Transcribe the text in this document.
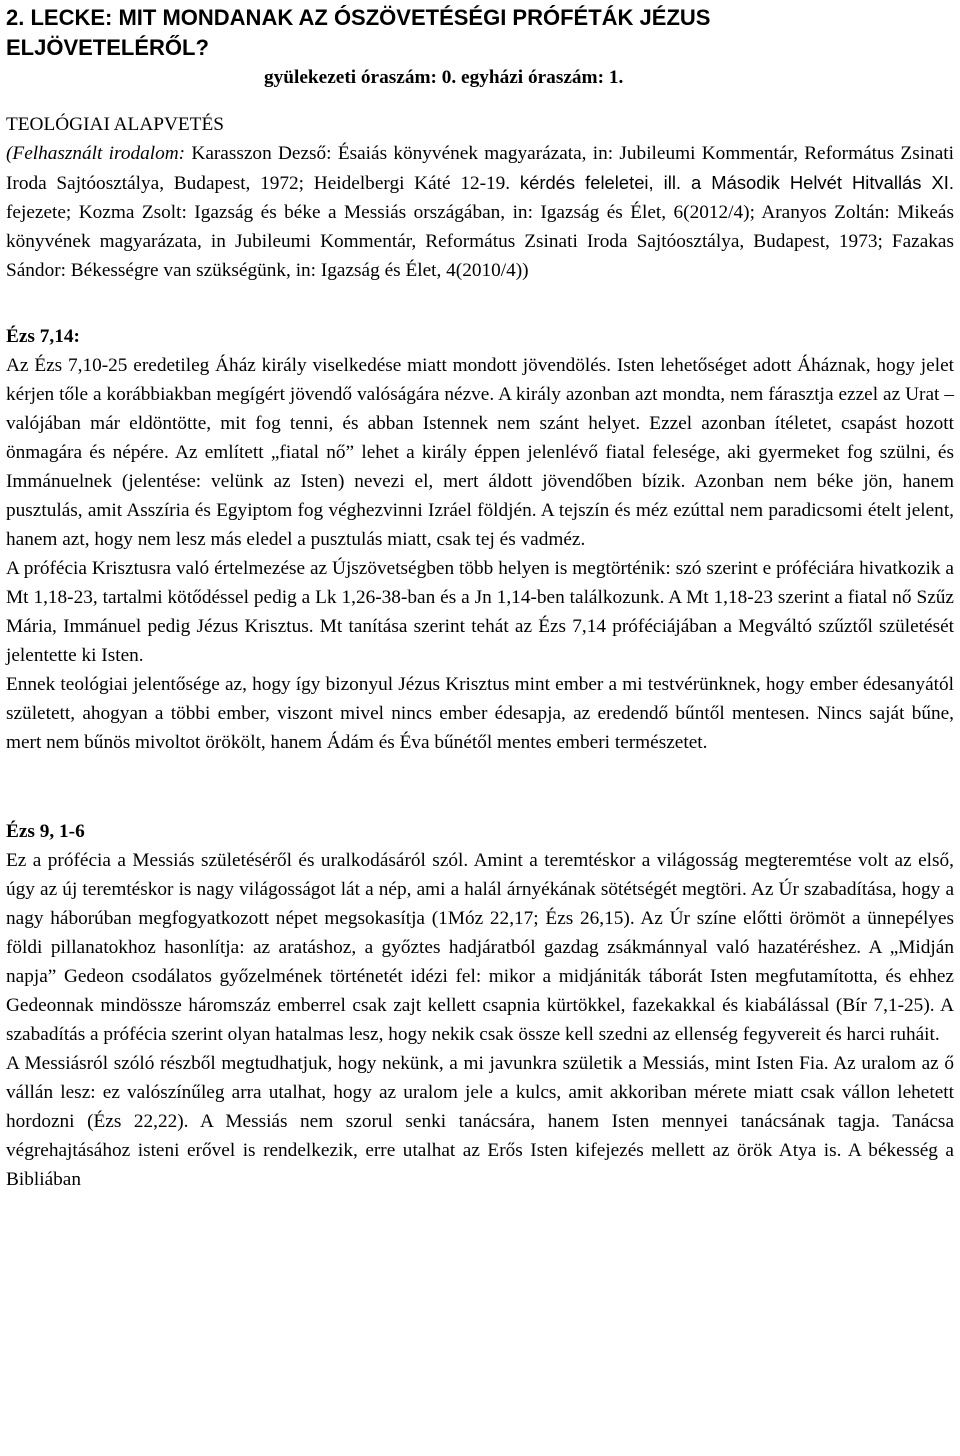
2. LECKE: MIT MONDANAK AZ ÓSZÖVETÉSÉGI PRÓFÉTÁK JÉZUS
ELJÖVETELÉRŐL?
gyülekezeti óraszám: 0. egyházi óraszám: 1.
TEOLÓGIAI ALAPVETÉS

(Felhasznált irodalom: Karasszon Dezső: Ésaiás könyvének magyarázata, in: Jubileumi Kommentár, Református Zsinati Iroda Sajtóosztálya, Budapest, 1972; Heidelbergi Káté 12-19. kérdés feleletei, ill. a Második Helvét Hitvallás XI. fejezete; Kozma Zsolt: Igazság és béke a Messiás országában, in: Igazság és Élet, 6(2012/4); Aranyos Zoltán: Mikeás könyvének magyarázata, in Jubileumi Kommentár, Református Zsinati Iroda Sajtóosztálya, Budapest, 1973; Fazakas Sándor: Békességre van szükségünk, in: Igazság és Élet, 4(2010/4))

Ézs 7,14:

Az Ézs 7,10-25 eredetileg Áház király viselkedése miatt mondott jövendölés. Isten lehetőséget adott Áháznak, hogy jelet kérjen tőle a korábbiakban megígért jövendő valóságára nézve. A király azonban azt mondta, nem fárasztja ezzel az Urat – valójában már eldöntötte, mit fog tenni, és abban Istennek nem szánt helyet. Ezzel azonban ítéletet, csapást hozott önmagára és népére. Az említett „fiatal nő” lehet a király éppen jelenlévő fiatal felesége, aki gyermeket fog szülni, és Immánuelnek (jelentése: velünk az Isten) nevezi el, mert áldott jövendőben bízik. Azonban nem béke jön, hanem pusztulás, amit Asszíria és Egyiptom fog véghezvinni Izráel földjén. A tejszín és méz ezúttal nem paradicsomi ételt jelent, hanem azt, hogy nem lesz más eledel a pusztulás miatt, csak tej és vadméz.

A prófécia Krisztusra való értelmezése az Újszövetségben több helyen is megtörténik: szó szerint e próféciára hivatkozik a Mt 1,18-23, tartalmi kötődéssel pedig a Lk 1,26-38-ban és a Jn 1,14-ben találkozunk. A Mt 1,18-23 szerint a fiatal nő Szűz Mária, Immánuel pedig Jézus Krisztus. Mt tanítása szerint tehát az Ézs 7,14 próféciájában a Megváltó szűztől születését jelentette ki Isten.

Ennek teológiai jelentősége az, hogy így bizonyul Jézus Krisztus mint ember a mi testvérünknek, hogy ember édesanyától született, ahogyan a többi ember, viszont mivel nincs ember édesapja, az eredendő bűntől mentesen. Nincs saját bűne, mert nem bűnös mivoltot örökölt, hanem Ádám és Éva bűnétől mentes emberi természetet.

Ézs 9, 1-6

Ez a prófécia a Messiás születéséről és uralkodásáról szól. Amint a teremtéskor a világosság megteremtése volt az első, úgy az új teremtéskor is nagy világosságot lát a nép, ami a halál árnyékának sötétségét megtöri. Az Úr szabadítása, hogy a nagy háborúban megfogyatkozott népet megsokasítja (1Móz 22,17; Ézs 26,15). Az Úr színe előtti örömöt a ünnepélyes földi pillanatokhoz hasonlítja: az aratáshoz, a győztes hadjáratból gazdag zsákmánnyal való hazatéréshez. A „Midján napja” Gedeon csodálatos győzelmének történetét idézi fel: mikor a midjániták táborát Isten megfutamította, és ehhez Gedeonnak mindössze háromszáz emberrel csak zajt kellett csapnia kürtökkel, fazekakkal és kiabálással (Bír 7,1-25). A szabadítás a prófécia szerint olyan hatalmas lesz, hogy nekik csak össze kell szedni az ellenség fegyvereit és harci ruháit.

A Messiásról szóló részből megtudhatjuk, hogy nekünk, a mi javunkra születik a Messiás, mint Isten Fia. Az uralom az ő vállán lesz: ez valószínűleg arra utalhat, hogy az uralom jele a kulcs, amit akkoriban mérete miatt csak vállon lehetett hordozni (Ézs 22,22). A Messiás nem szorul senki tanácsára, hanem Isten mennyei tanácsának tagja. Tanácsa végrehajtásához isteni erővel is rendelkezik, erre utalhat az Erős Isten kifejezés mellett az örök Atya is. A békesség a Bibliában
